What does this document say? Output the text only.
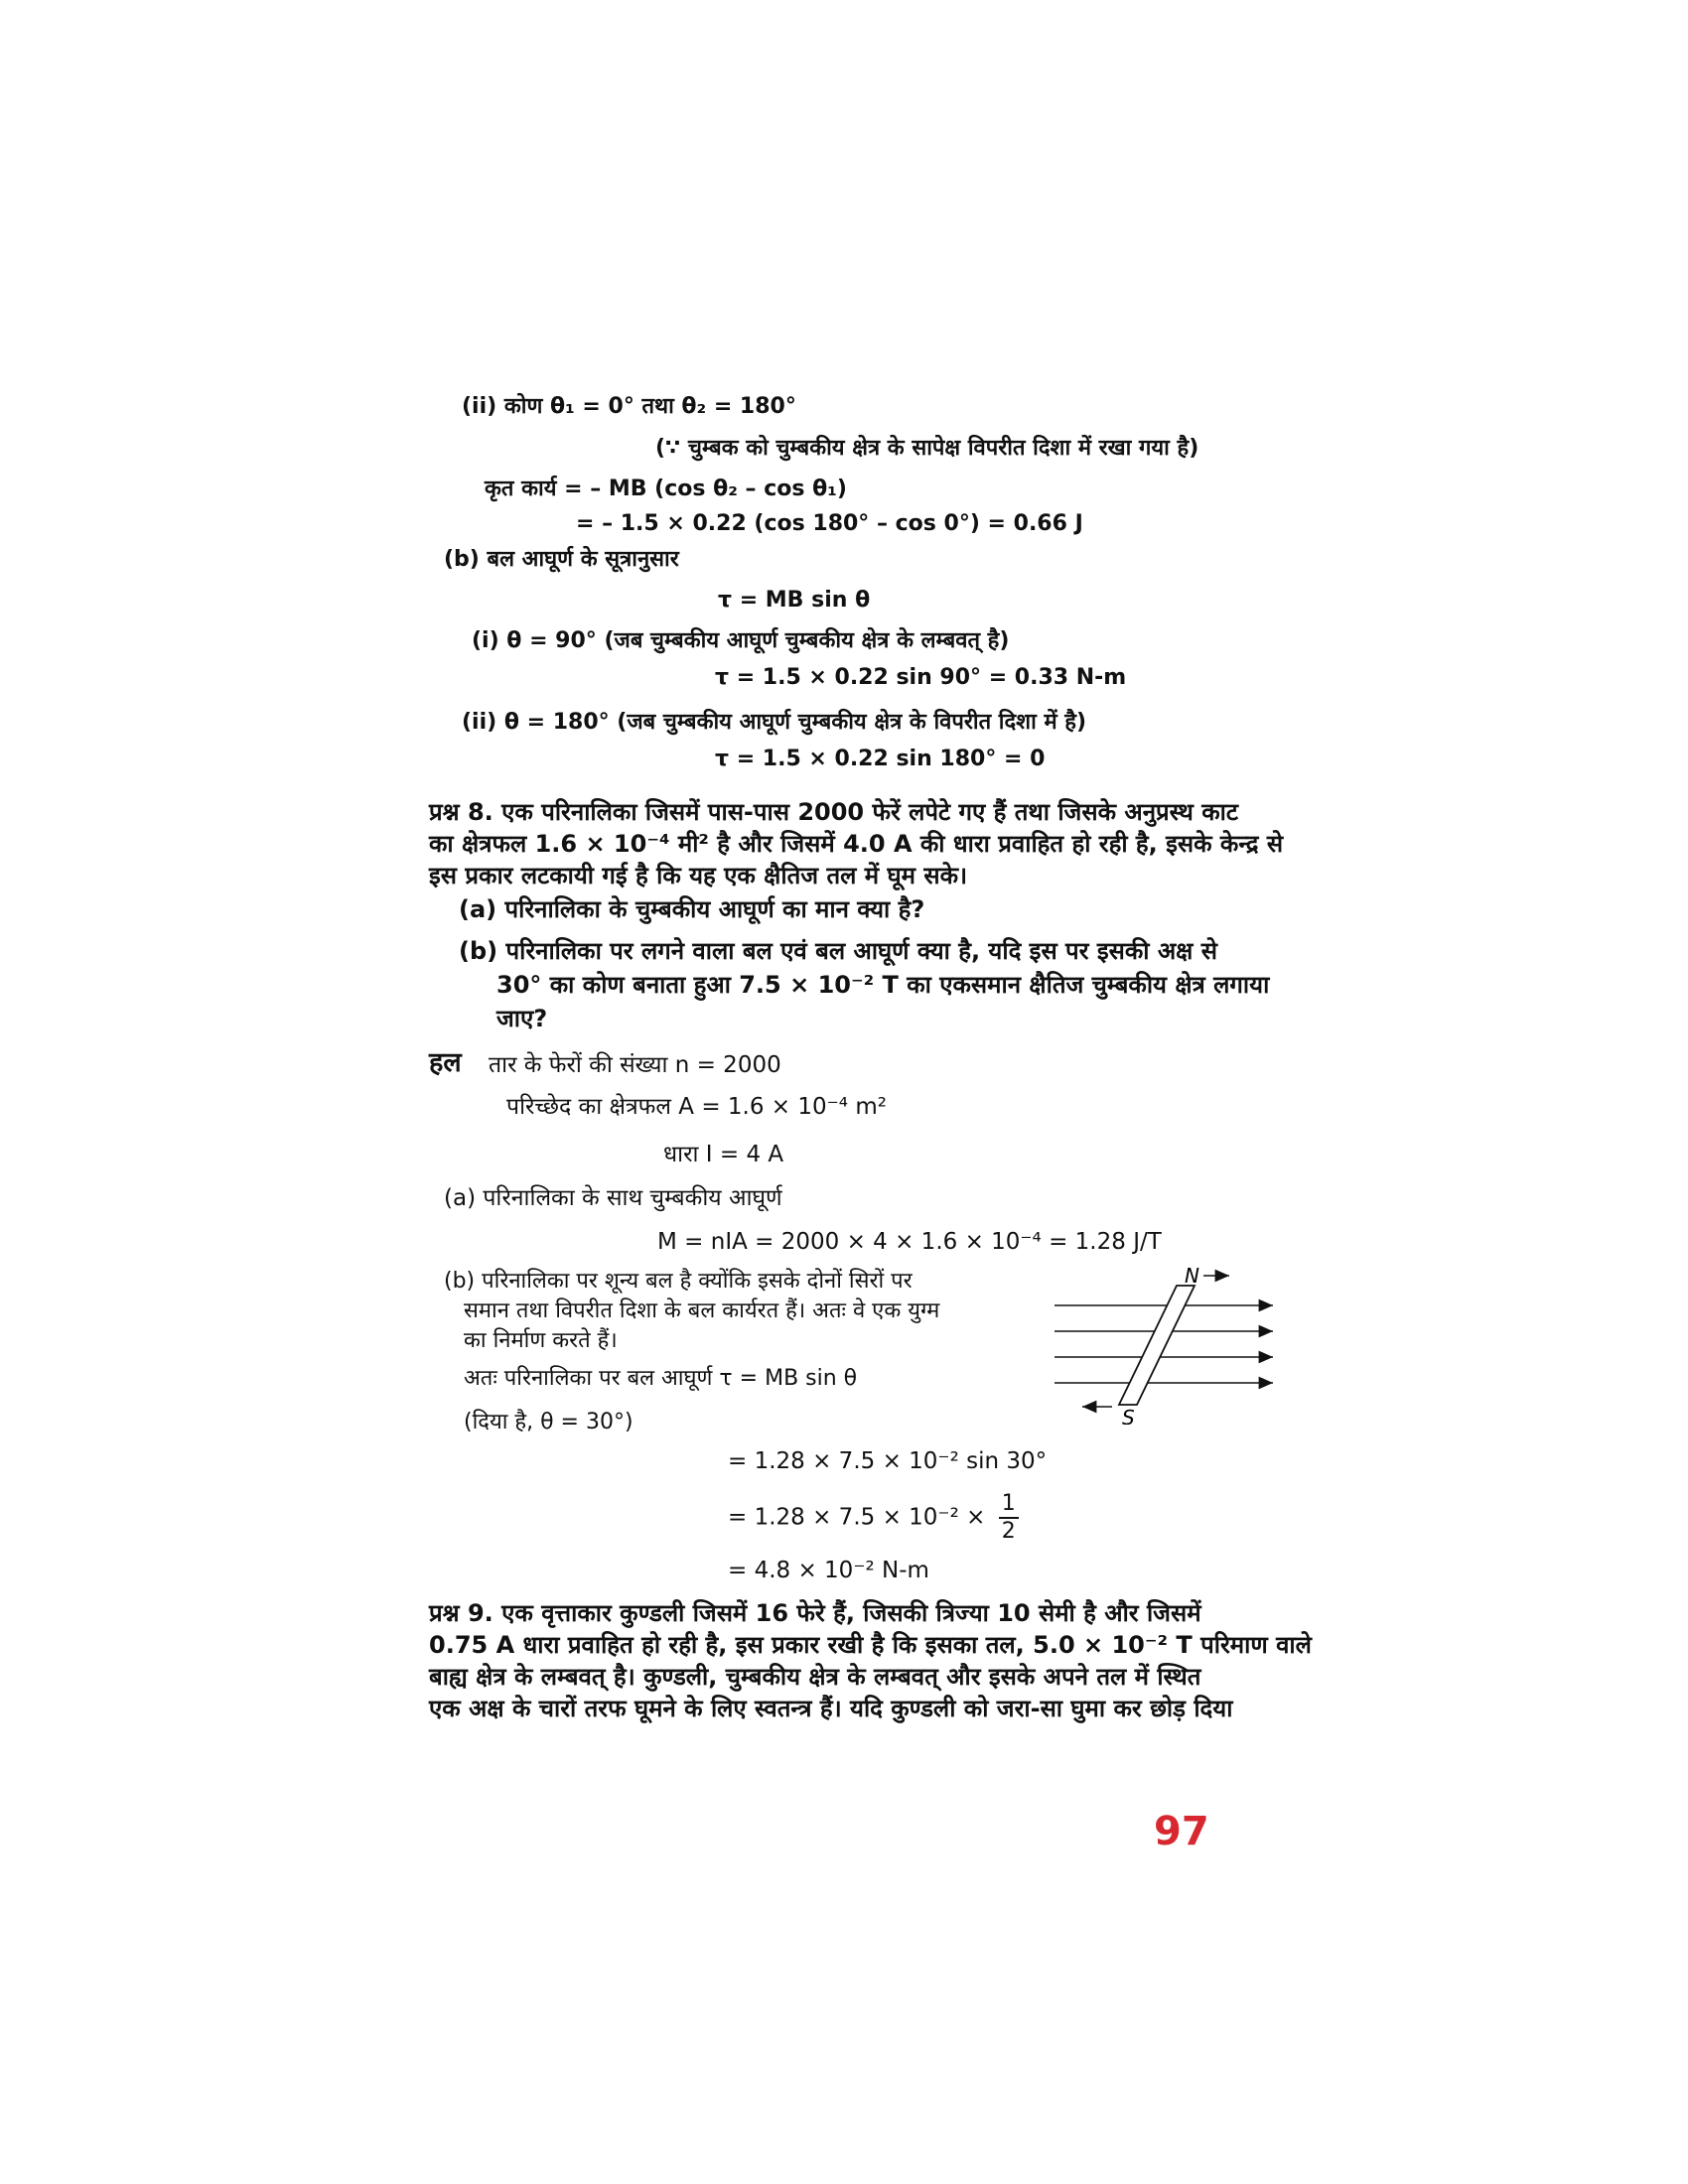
(ii) कोण θ₁ = 0° तथा θ₂ = 180°
(∵ चुम्बक को चुम्बकीय क्षेत्र के सापेक्ष विपरीत दिशा में रखा गया है)
कृत कार्य = – MB (cos θ₂ – cos θ₁)
= – 1.5 × 0.22 (cos 180° – cos 0°) = 0.66 J
(b) बल आघूर्ण के सूत्रानुसार
τ = MB sin θ
(i) θ = 90° (जब चुम्बकीय आघूर्ण चुम्बकीय क्षेत्र के लम्बवत् है)
τ = 1.5 × 0.22 sin 90° = 0.33 N-m
(ii) θ = 180° (जब चुम्बकीय आघूर्ण चुम्बकीय क्षेत्र के विपरीत दिशा में है)
τ = 1.5 × 0.22 sin 180° = 0
प्रश्न 8. एक परिनालिका जिसमें पास-पास 2000 फेरें लपेटे गए हैं तथा जिसके अनुप्रस्थ काट
का क्षेत्रफल 1.6 × 10⁻⁴ मी² है और जिसमें 4.0 A की धारा प्रवाहित हो रही है, इसके केन्द्र से
इस प्रकार लटकायी गई है कि यह एक क्षैतिज तल में घूम सके।
(a) परिनालिका के चुम्बकीय आघूर्ण का मान क्या है?
(b) परिनालिका पर लगने वाला बल एवं बल आघूर्ण क्या है, यदि इस पर इसकी अक्ष से
30° का कोण बनाता हुआ 7.5 × 10⁻² T का एकसमान क्षैतिज चुम्बकीय क्षेत्र लगाया
जाए?
हल तार के फेरों की संख्या n = 2000
परिच्छेद का क्षेत्रफल A = 1.6 × 10⁻⁴ m²
धारा I = 4 A
(a) परिनालिका के साथ चुम्बकीय आघूर्ण
M = nIA = 2000 × 4 × 1.6 × 10⁻⁴ = 1.28 J/T
(b) परिनालिका पर शून्य बल है क्योंकि इसके दोनों सिरों पर
समान तथा विपरीत दिशा के बल कार्यरत हैं। अतः वे एक युग्म
का निर्माण करते हैं।
अतः परिनालिका पर बल आघूर्ण τ = MB sin θ
(दिया है, θ = 30°)
= 1.28 × 7.5 × 10⁻² sin 30°
= $1.28 \times 7.5 \times 10^{-2} \times \frac{1}{2}$
= 4.8 × 10⁻² N-m
N
S
प्रश्न 9. एक वृत्ताकार कुण्डली जिसमें 16 फेरे हैं, जिसकी त्रिज्या 10 सेमी है और जिसमें
0.75 A धारा प्रवाहित हो रही है, इस प्रकार रखी है कि इसका तल, 5.0 × 10⁻² T परिमाण वाले
बाह्य क्षेत्र के लम्बवत् है। कुण्डली, चुम्बकीय क्षेत्र के लम्बवत् और इसके अपने तल में स्थित
एक अक्ष के चारों तरफ घूमने के लिए स्वतन्त्र हैं। यदि कुण्डली को जरा-सा घुमा कर छोड़ दिया
97
